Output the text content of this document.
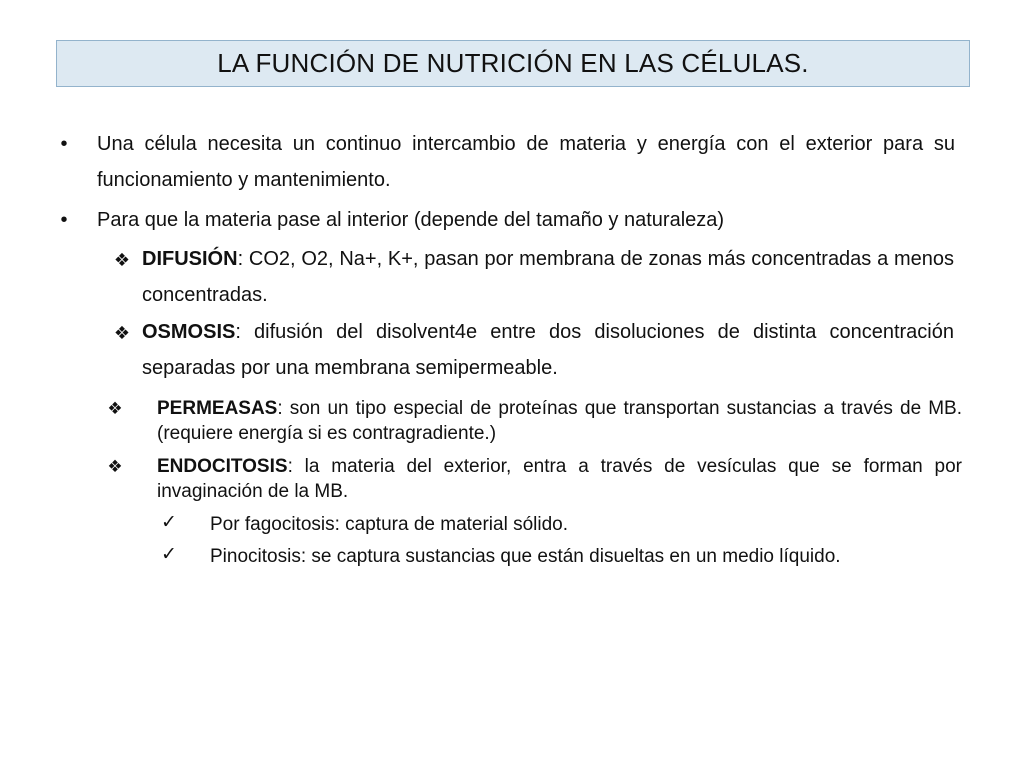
LA FUNCIÓN DE NUTRICIÓN EN LAS CÉLULAS.
• Una célula necesita un continuo intercambio de materia y energía con el exterior para su funcionamiento y mantenimiento.
• Para que la materia pase al interior (depende del tamaño y naturaleza)
❖ DIFUSIÓN: CO2, O2, Na+, K+, pasan por membrana de zonas más concentradas a menos concentradas.
❖ OSMOSIS: difusión del disolvent4e entre dos disoluciones de distinta concentración separadas por una membrana semipermeable.
❖ PERMEASAS: son un tipo especial de proteínas que transportan sustancias a través de MB. (requiere energía si es contragradiente.)
❖ ENDOCITOSIS: la materia del exterior, entra a través de vesículas que se forman por invaginación de la MB.
✓ Por fagocitosis: captura de material sólido.
✓ Pinocitosis: se captura sustancias que están disueltas en un medio líquido.
